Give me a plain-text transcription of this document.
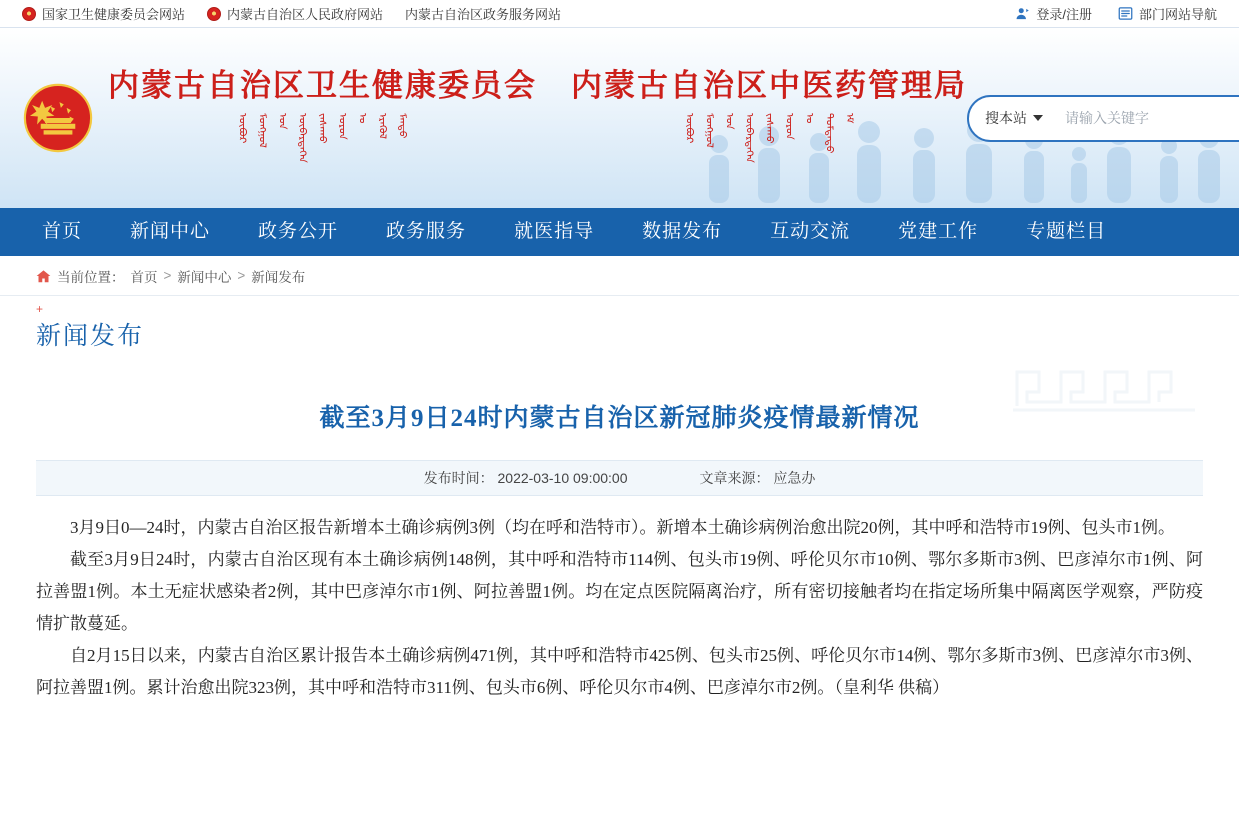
国家卫生健康委员会网站	内蒙古自治区人民政府网站 内蒙古自治区政务服务网站	登录/注册	部门网站导航
内蒙古自治区卫生健康委员会
ᠦᠪᠦᠷ ᠮᠤᠩᠭᠤᠯ ᠤᠨ ᠥᠪᠡᠷᠲᠡᠭᠡᠨ ᠵᠠᠰᠠᠬᠤ ᠤᠷᠤᠨ ᠤ ᠡᠷᠡᠭᠦᠯ ᠮᠡᠨᠳᠦ
内蒙古自治区中医药管理局
ᠦᠪᠦᠷ ᠮᠤᠩᠭᠤᠯ ᠤᠨ ᠥᠪᠡᠷᠲᠡᠭᠡᠨ ᠵᠠᠰᠠᠬᠤ ᠤᠷᠤᠨ ᠤ ᠳᠤᠮᠳᠠᠳᠤ ᠡᠮ	搜本站
请输入关键字
首页	新闻中心	政务公开	政务服务	就医指导	数据发布	互动交流	党建工作	专题栏目
当前位置： 首页 > 新闻中心 > 新闻发布
+
新闻发布
截至3月9日24时内蒙古自治区新冠肺炎疫情最新情况
发布时间： 2022-03-10 09:00:00	文章来源： 应急办

3月9日0—24时，内蒙古自治区报告新增本土确诊病例3例（均在呼和浩特市）。新增本土确诊病例治愈出院20例，其中呼和浩特市19例、包头市1例。

截至3月9日24时，内蒙古自治区现有本土确诊病例148例，其中呼和浩特市114例、包头市19例、呼伦贝尔市10例、鄂尔多斯市3例、巴彦淖尔市1例、阿拉善盟1例。本土无症状感染者2例，其中巴彦淖尔市1例、阿拉善盟1例。均在定点医院隔离治疗，所有密切接触者均在指定场所集中隔离医学观察，严防疫情扩散蔓延。

自2月15日以来，内蒙古自治区累计报告本土确诊病例471例，其中呼和浩特市425例、包头市25例、呼伦贝尔市14例、鄂尔多斯市3例、巴彦淖尔市3例、阿拉善盟1例。累计治愈出院323例，其中呼和浩特市311例、包头市6例、呼伦贝尔市4例、巴彦淖尔市2例。（皇利华 供稿）
